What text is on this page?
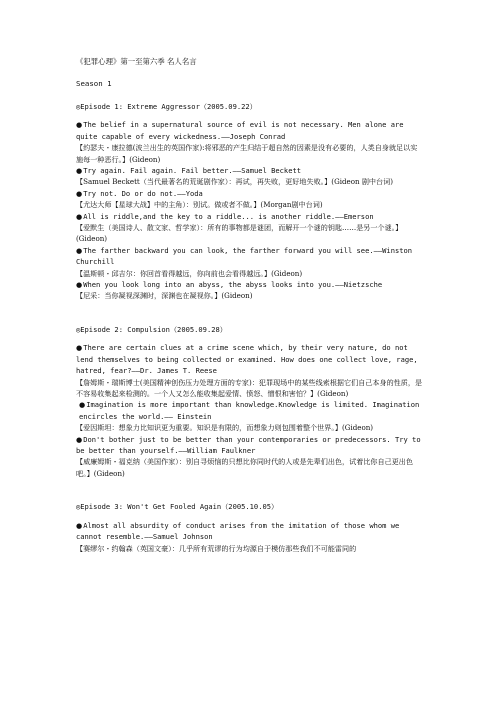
《犯罪心理》第一至第六季 名人名言

Season 1

◎Episode 1: Extreme Aggressor（2005.09.22）

●The belief in a supernatural source of evil is not necessary. Men alone are quite capable of every wickedness.——Joseph Conrad

【約瑟夫・康拉德(波兰出生的英国作家):将邪恶的产生归结于超自然的因素是没有必要的，人类自身就足以实施每一种恶行。】(Gideon)

●Try again. Fail again. Fail better.——Samuel Beckett

【Samuel Beckett（当代最著名的荒诞剧作家）：再试，再失败，更好地失败。】(Gideon 剧中台词)

●Try not. Do or do not.——Yoda

【尤达大师【星球大战】中的主角）：别试。做或者不做。】(Morgan剧中台词)

●All is riddle,and the key to a riddle... is another riddle.——Emerson

【爱默生（美国诗人、散文家、哲学家）：所有的事物都是谜团，而解开一个谜的钥匙……是另一个谜。】(Gideon)

●The farther backward you can look, the farther forward you will see.——Winston Churchill

【温斯顿・邱吉尔：你回首看得越远，你向前也会看得越远。】(Gideon)

●When you look long into an abyss, the abyss looks into you.——Nietzsche

【尼采：当你凝视深渊时，深渊也在凝视你。】(Gideon)

◎Episode 2: Compulsion（2005.09.28）

●There are certain clues at a crime scene which, by their very nature, do not lend themselves to being collected or examined. How does one collect love, rage, hatred, fear?——Dr. James T. Reese

【詹姆斯・瑞斯博士(美国精神创伤压力处理方面的专家)：犯罪现场中的某些线索根据它们自己本身的性质，是不容易收集起来检测的。一个人又怎么能收集起爱情、愤怒、憎恨和害怕？】(Gideon)

●Imagination is more important than knowledge.Knowledge is limited. Imagination encircles the world.—— Einstein

【爱因斯坦：想象力比知识更为重要。知识是有限的，而想象力则包围着整个世界。】(Gideon)

●Don't bother just to be better than your contemporaries or predecessors. Try to be better than yourself.——William Faulkner

【威廉姆斯・福克纳（美国作家）：别自寻烦恼的只想比你同时代的人或是先辈们出色，试着比你自己更出色吧。】(Gideon)

◎Episode 3: Won't Get Fooled Again（2005.10.05）

●Almost all absurdity of conduct arises from the imitation of those whom we cannot resemble.——Samuel Johnson

【赛缪尔・约翰森（英国文豪）：几乎所有荒谬的行为均源自于模仿那些我们不可能雷同的
